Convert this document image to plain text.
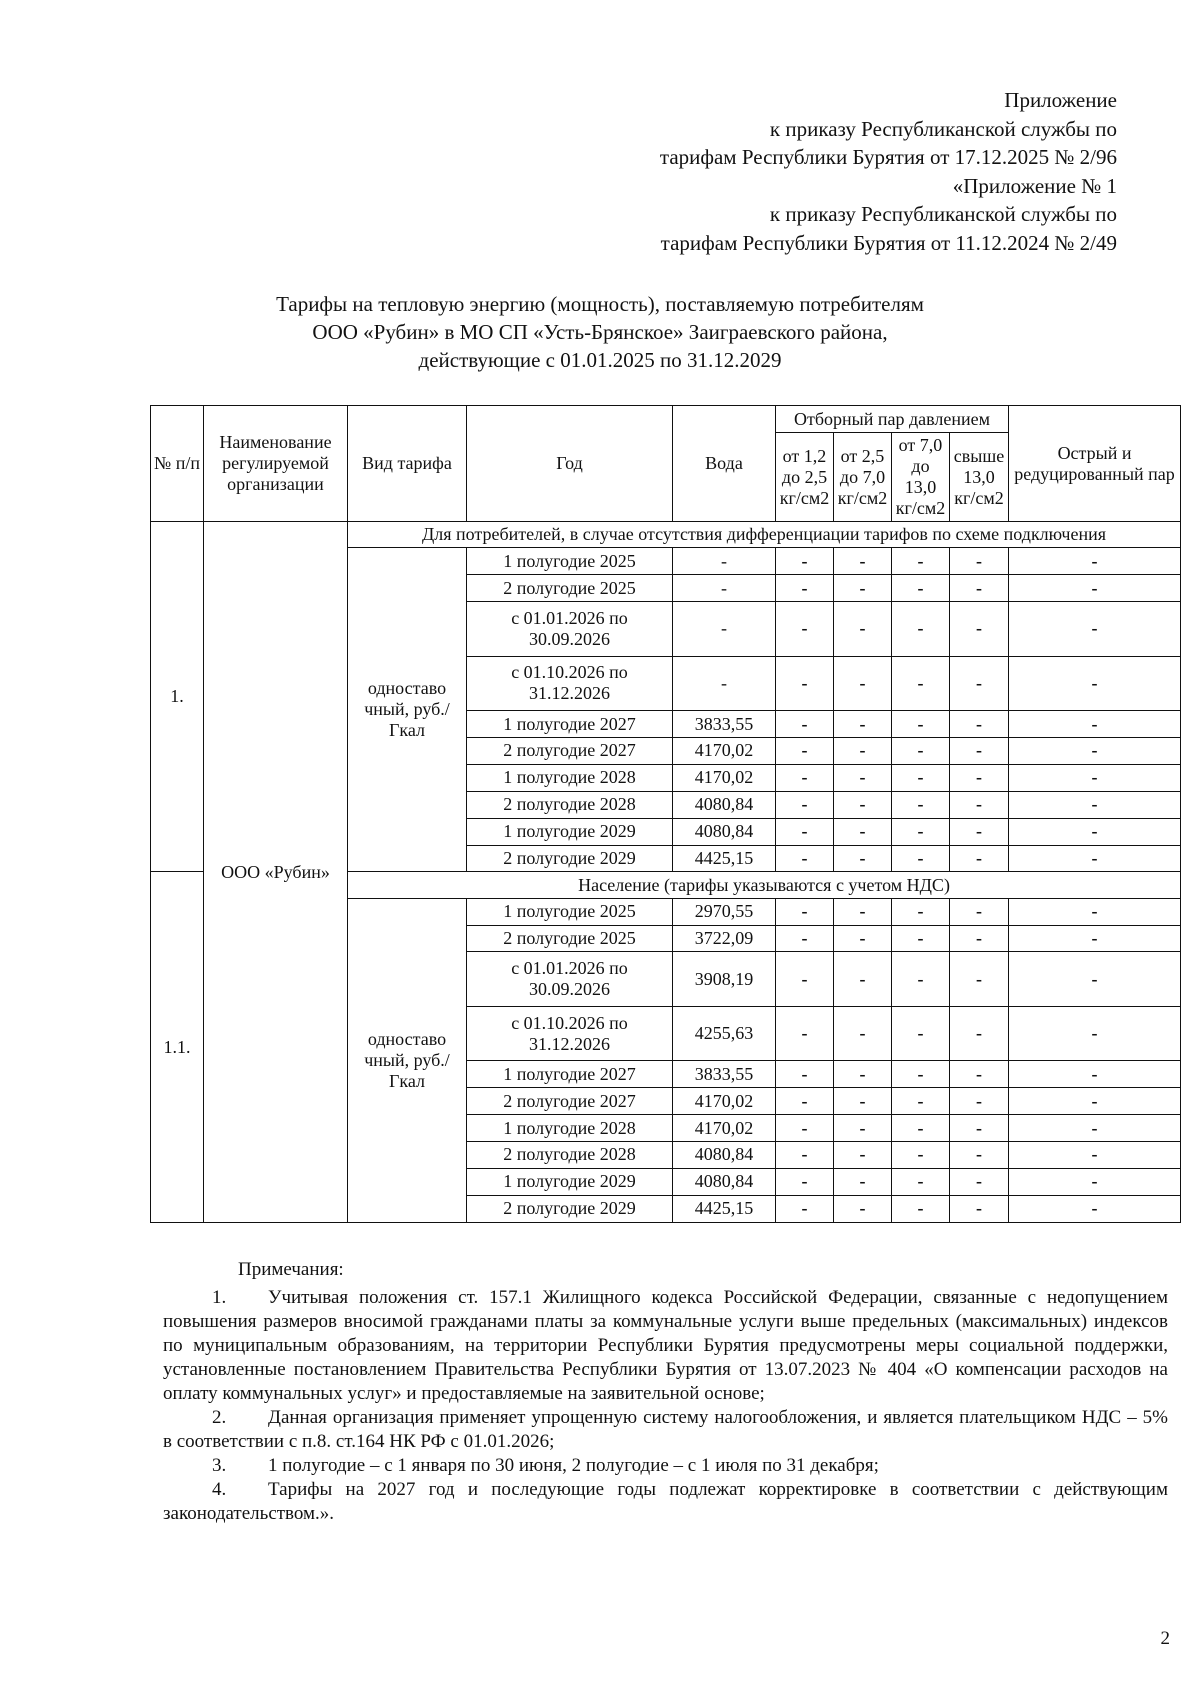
Приложение
к приказу Республиканской службы по
тарифам Республики Бурятия от 17.12.2025 № 2/96
«Приложение № 1
к приказу Республиканской службы по
тарифам Республики Бурятия от 11.12.2024 № 2/49
Тарифы на тепловую энергию (мощность), поставляемую потребителям
ООО «Рубин» в МО СП «Усть-Брянское» Заиграевского района,
действующие с 01.01.2025 по 31.12.2029
№ п/п	Наименование регулируемой организации	Вид тарифа	Год	Вода	Отборный пар давлением				Острый и редуцированный пар
					от 1,2 до 2,5 кг/см2	от 2,5 до 7,0 кг/см2	от 7,0 до 13,0 кг/см2	свыше 13,0 кг/см2	
1.	ООО «Рубин»	Для потребителей, в случае отсутствия дифференциации тарифов по схеме подключения							
		одноставо чный, руб./Гкал	1 полугодие 2025	-	-	-	-	-	-
			2 полугодие 2025	-	-	-	-	-	-
			с 01.01.2026 по 30.09.2026	-	-	-	-	-	-
			с 01.10.2026 по 31.12.2026	-	-	-	-	-	-
			1 полугодие 2027	3833,55	-	-	-	-	-
			2 полугодие 2027	4170,02	-	-	-	-	-
			1 полугодие 2028	4170,02	-	-	-	-	-
			2 полугодие 2028	4080,84	-	-	-	-	-
			1 полугодие 2029	4080,84	-	-	-	-	-
			2 полугодие 2029	4425,15	-	-	-	-	-
1.1.		Население (тарифы указываются с учетом НДС)							
		одноставо чный, руб./Гкал	1 полугодие 2025	2970,55	-	-	-	-	-
			2 полугодие 2025	3722,09	-	-	-	-	-
			с 01.01.2026 по 30.09.2026	3908,19	-	-	-	-	-
			с 01.10.2026 по 31.12.2026	4255,63	-	-	-	-	-
			1 полугодие 2027	3833,55	-	-	-	-	-
			2 полугодие 2027	4170,02	-	-	-	-	-
			1 полугодие 2028	4170,02	-	-	-	-	-
			2 полугодие 2028	4080,84	-	-	-	-	-
			1 полугодие 2029	4080,84	-	-	-	-	-
			2 полугодие 2029	4425,15	-	-	-	-	-
Примечания:
1. Учитывая положения ст. 157.1 Жилищного кодекса Российской Федерации, связанные с недопущением повышения размеров вносимой гражданами платы за коммунальные услуги выше предельных (максимальных) индексов по муниципальным образованиям, на территории Республики Бурятия предусмотрены меры социальной поддержки, установленные постановлением Правительства Республики Бурятия от 13.07.2023 № 404 «О компенсации расходов на оплату коммунальных услуг» и предоставляемые на заявительной основе;
2. Данная организация применяет упрощенную систему налогообложения, и является плательщиком НДС – 5% в соответствии с п.8. ст.164 НК РФ с 01.01.2026;
3. 1 полугодие – с 1 января по 30 июня, 2 полугодие – с 1 июля по 31 декабря;
4. Тарифы на 2027 год и последующие годы подлежат корректировке в соответствии с действующим законодательством.».
2
